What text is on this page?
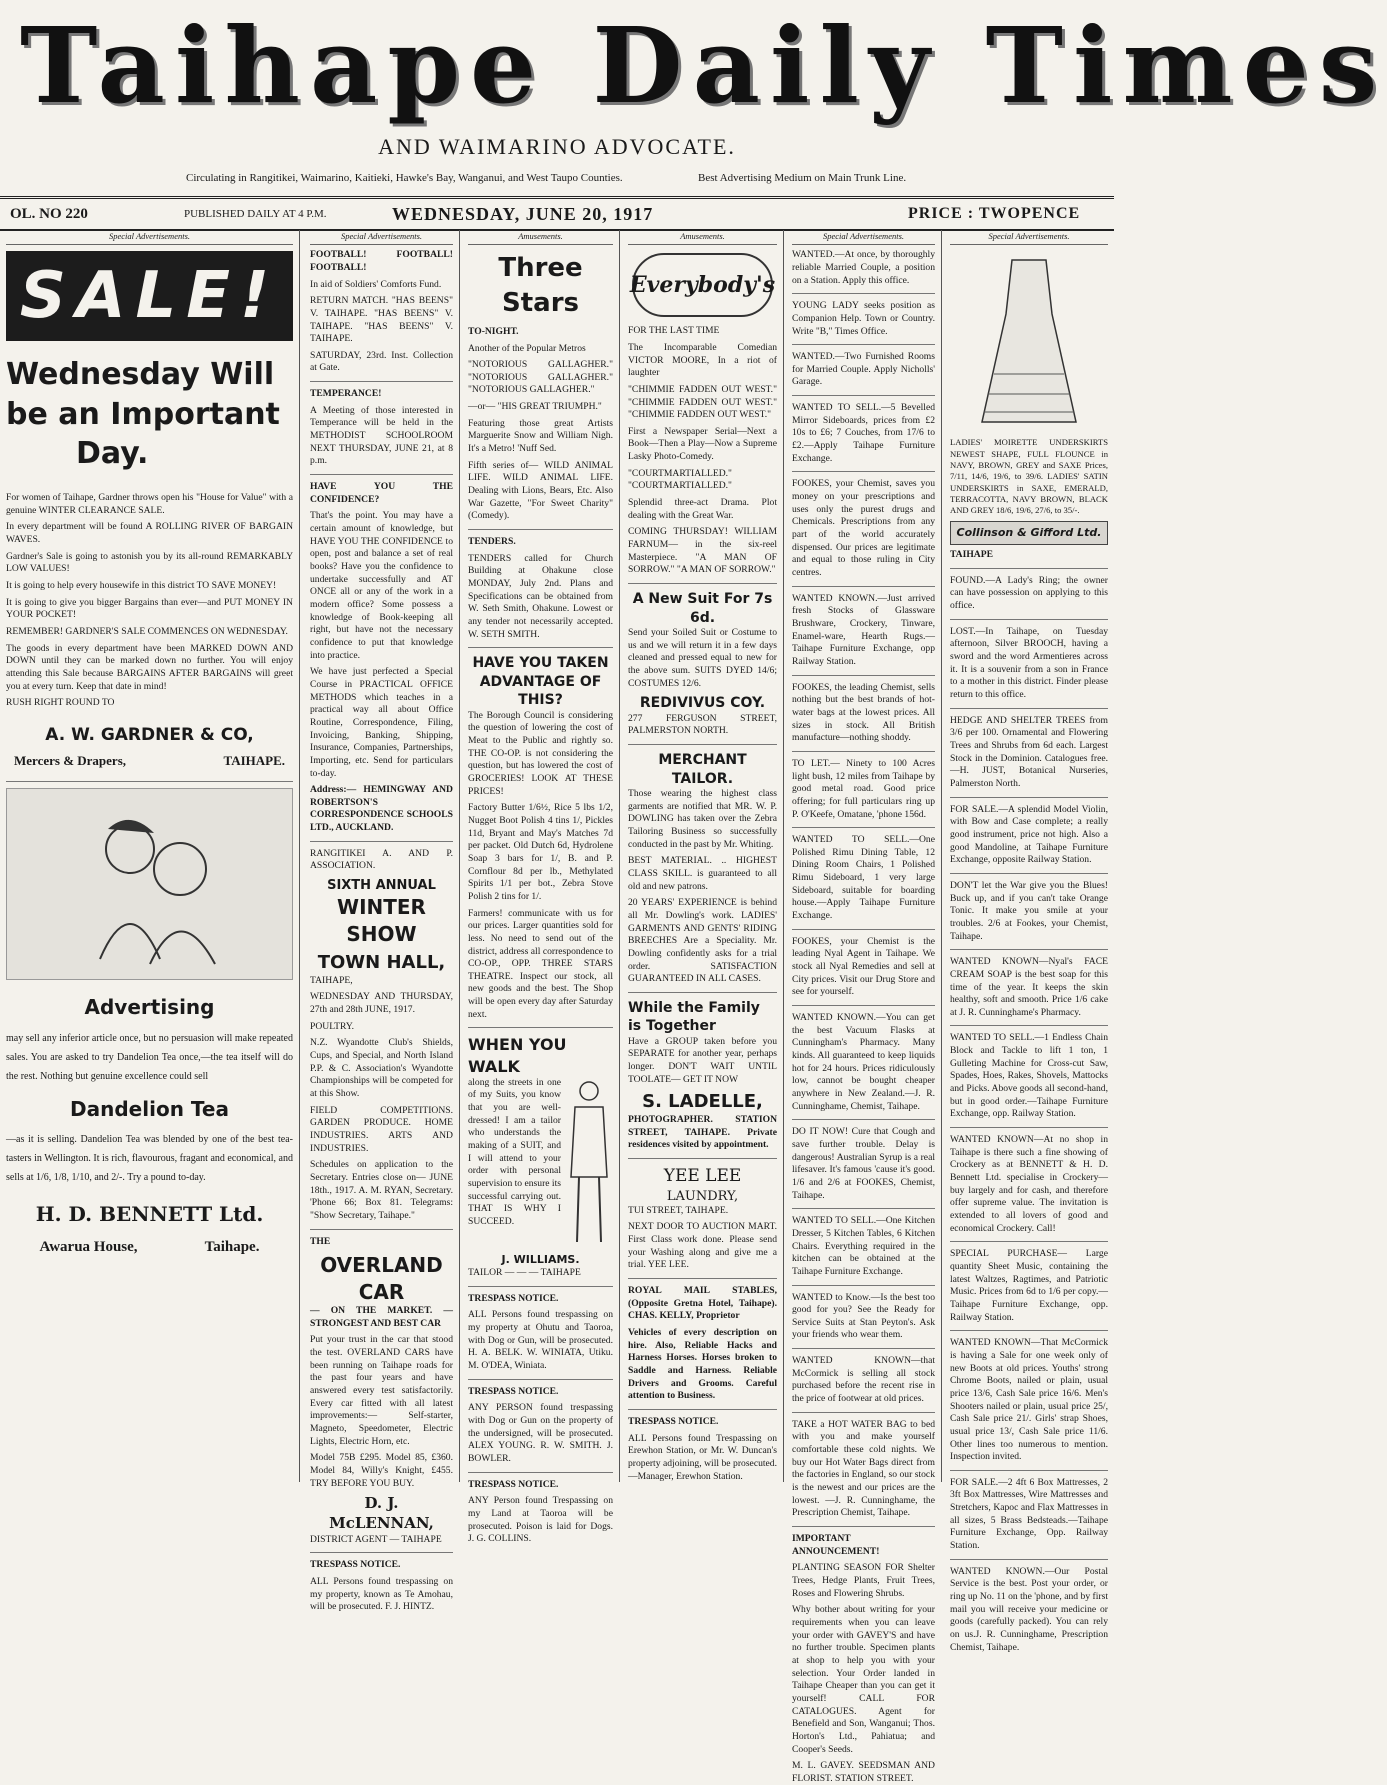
Taihape Daily Times
AND WAIMARINO ADVOCATE.
Circulating in Rangitikei, Waimarino, Kaitieki, Hawke's Bay, Wanganui, and West Taupo Counties.	Best Advertising Medium on Main Trunk Line.
OL. NO 220	PUBLISHED DAILY AT 4 P.M.	WEDNESDAY, JUNE 20, 1917	PRICE : TWOPENCE
Special Advertisements.
SALE!
Wednesday Will
be an Important
Day.

For women of Taihape, Gardner throws open his "House for Value" with a genuine WINTER CLEARANCE SALE.

In every department will be found A ROLLING RIVER OF BARGAIN WAVES.

Gardner's Sale is going to astonish you by its all-round REMARKABLY LOW VALUES!

It is going to help every housewife in this district TO SAVE MONEY!

It is going to give you bigger Bargains than ever—and PUT MONEY IN YOUR POCKET!

REMEMBER! GARDNER'S SALE COMMENCES ON WEDNESDAY.

The goods in every department have been MARKED DOWN AND DOWN until they can be marked down no further. You will enjoy attending this Sale because BARGAINS AFTER BARGAINS will greet you at every turn. Keep that date in mind!

RUSH RIGHT ROUND TO

A. W. GARDNER & CO,
Mercers & Drapers,	TAIHAPE.
Advertising

may sell any inferior article once, but no persuasion will make repeated sales. You are asked to try Dandelion Tea once,—the tea itself will do the rest. Nothing but genuine excellence could sell

Dandelion Tea

—as it is selling. Dandelion Tea was blended by one of the best tea-tasters in Wellington. It is rich, flavourous, fragant and economical, and sells at 1/6, 1/8, 1/10, and 2/-. Try a pound to-day.

H. D. BENNETT Ltd.
Awarua House,	Taihape.
Special Advertisements.

FOOTBALL! FOOTBALL! FOOTBALL!

In aid of Soldiers' Comforts Fund.

RETURN MATCH. "HAS BEENS" V. TAIHAPE. "HAS BEENS" V. TAIHAPE. "HAS BEENS" V. TAIHAPE.

SATURDAY, 23rd. Inst. Collection at Gate.

TEMPERANCE!

A Meeting of those interested in Temperance will be held in the METHODIST SCHOOLROOM NEXT THURSDAY, JUNE 21, at 8 p.m.

HAVE YOU THE CONFIDENCE?

That's the point. You may have a certain amount of knowledge, but HAVE YOU THE CONFIDENCE to open, post and balance a set of real books? Have you the confidence to undertake successfully and AT ONCE all or any of the work in a modern office? Some possess a knowledge of Book-keeping all right, but have not the necessary confidence to put that knowledge into practice.

We have just perfected a Special Course in PRACTICAL OFFICE METHODS which teaches in a practical way all about Office Routine, Correspondence, Filing, Invoicing, Banking, Shipping, Insurance, Companies, Partnerships, Importing, etc. Send for particulars to-day.

Address:— HEMINGWAY AND ROBERTSON'S CORRESPONDENCE SCHOOLS LTD., AUCKLAND.

RANGITIKEI A. AND P. ASSOCIATION.

SIXTH ANNUAL
WINTER SHOW
TOWN HALL,

TAIHAPE,

WEDNESDAY AND THURSDAY, 27th and 28th JUNE, 1917.

POULTRY.

N.Z. Wyandotte Club's Shields, Cups, and Special, and North Island P.P. & C. Association's Wyandotte Championships will be competed for at this Show.

FIELD COMPETITIONS. GARDEN PRODUCE. HOME INDUSTRIES. ARTS AND INDUSTRIES.

Schedules on application to the Secretary. Entries close on— JUNE 18th., 1917. A. M. RYAN, Secretary. 'Phone 66; Box 81. Telegrams: "Show Secretary, Taihape."

THE

OVERLAND CAR

— ON THE MARKET. — STRONGEST AND BEST CAR

Put your trust in the car that stood the test. OVERLAND CARS have been running on Taihape roads for the past four years and have answered every test satisfactorily. Every car fitted with all latest improvements:— Self-starter, Magneto, Speedometer, Electric Lights, Electric Horn, etc.

Model 75B £295. Model 85, £360. Model 84, Willy's Knight, £455. TRY BEFORE YOU BUY.

D. J. McLENNAN,

DISTRICT AGENT — TAIHAPE

TRESPASS NOTICE.

ALL Persons found trespassing on my property, known as Te Amohau, will be prosecuted. F. J. HINTZ.

Amusements.
Three Stars

TO-NIGHT.

Another of the Popular Metros

"NOTORIOUS GALLAGHER." "NOTORIOUS GALLAGHER." "NOTORIOUS GALLAGHER."

—or— "HIS GREAT TRIUMPH."

Featuring those great Artists Marguerite Snow and William Nigh. It's a Metro! 'Nuff Sed.

Fifth series of— WILD ANIMAL LIFE. WILD ANIMAL LIFE. Dealing with Lions, Bears, Etc. Also War Gazette, "For Sweet Charity" (Comedy).

TENDERS.

TENDERS called for Church Building at Ohakune close MONDAY, July 2nd. Plans and Specifications can be obtained from W. Seth Smith, Ohakune. Lowest or any tender not necessarily accepted. W. SETH SMITH.

HAVE YOU TAKEN ADVANTAGE OF THIS?

The Borough Council is considering the question of lowering the cost of Meat to the Public and rightly so. THE CO-OP. is not considering the question, but has lowered the cost of GROCERIES! LOOK AT THESE PRICES!

Factory Butter 1/6½, Rice 5 lbs 1/2, Nugget Boot Polish 4 tins 1/, Pickles 11d, Bryant and May's Matches 7d per packet. Old Dutch 6d, Hydrolene Soap 3 bars for 1/, B. and P. Cornflour 8d per lb., Methylated Spirits 1/1 per bot., Zebra Stove Polish 2 tins for 1/.

Farmers! communicate with us for our prices. Larger quantities sold for less. No need to send out of the district, address all correspondence to CO-OP., OPP. THREE STARS THEATRE. Inspect our stock, all new goods and the best. The Shop will be open every day after Saturday next.

WHEN YOU WALK

along the streets in one of my Suits, you know that you are well-dressed! I am a tailor who understands the making of a SUIT, and I will attend to your order with personal supervision to ensure its successful carrying out. THAT IS WHY I SUCCEED.

J. WILLIAMS.

TAILOR — — — TAIHAPE

TRESPASS NOTICE.

ALL Persons found trespassing on my property at Ohutu and Taoroa, with Dog or Gun, will be prosecuted. H. A. BELK. W. WINIATA, Utiku. M. O'DEA, Winiata.

TRESPASS NOTICE.

ANY PERSON found trespassing with Dog or Gun on the property of the undersigned, will be prosecuted. ALEX YOUNG. R. W. SMITH. J. BOWLER.

TRESPASS NOTICE.

ANY Person found Trespassing on my Land at Taoroa will be prosecuted. Poison is laid for Dogs. J. G. COLLINS.

Amusements.
Everybody's

FOR THE LAST TIME

The Incomparable Comedian VICTOR MOORE, In a riot of laughter

"CHIMMIE FADDEN OUT WEST." "CHIMMIE FADDEN OUT WEST." "CHIMMIE FADDEN OUT WEST."

First a Newspaper Serial—Next a Book—Then a Play—Now a Supreme Lasky Photo-Comedy.

"COURTMARTIALLED." "COURTMARTIALLED."

Splendid three-act Drama. Plot dealing with the Great War.

COMING THURSDAY! WILLIAM FARNUM— in the six-reel Masterpiece. "A MAN OF SORROW." "A MAN OF SORROW."

A New Suit For 7s 6d.

Send your Soiled Suit or Costume to us and we will return it in a few days cleaned and pressed equal to new for the above sum. SUITS DYED 14/6; COSTUMES 12/6.

REDIVIVUS COY.

277 FERGUSON STREET, PALMERSTON NORTH.

MERCHANT TAILOR.

Those wearing the highest class garments are notified that MR. W. P. DOWLING has taken over the Zebra Tailoring Business so successfully conducted in the past by Mr. Whiting.

BEST MATERIAL. .. HIGHEST CLASS SKILL. is guaranteed to all old and new patrons.

20 YEARS' EXPERIENCE is behind all Mr. Dowling's work. LADIES' GARMENTS AND GENTS' RIDING BREECHES Are a Speciality. Mr. Dowling confidently asks for a trial order. SATISFACTION GUARANTEED IN ALL CASES.

While the Family is Together

Have a GROUP taken before you SEPARATE for another year, perhaps longer. DON'T WAIT UNTIL TOOLATE— GET IT NOW

S. LADELLE,

PHOTOGRAPHER. STATION STREET, TAIHAPE. Private residences visited by appointment.

YEE LEE
LAUNDRY,

TUI STREET, TAIHAPE.

NEXT DOOR TO AUCTION MART. First Class work done. Please send your Washing along and give me a trial. YEE LEE.

ROYAL MAIL STABLES, (Opposite Gretna Hotel, Taihape). CHAS. KELLY, Proprietor

Vehicles of every description on hire. Also, Reliable Hacks and Harness Horses. Horses broken to Saddle and Harness. Reliable Drivers and Grooms. Careful attention to Business.

TRESPASS NOTICE.

ALL Persons found Trespassing on Erewhon Station, or Mr. W. Duncan's property adjoining, will be prosecuted.—Manager, Erewhon Station.

Special Advertisements.

WANTED.—At once, by thoroughly reliable Married Couple, a position on a Station. Apply this office.

YOUNG LADY seeks position as Companion Help. Town or Country. Write "B," Times Office.

WANTED.—Two Furnished Rooms for Married Couple. Apply Nicholls' Garage.

WANTED TO SELL.—5 Bevelled Mirror Sideboards, prices from £2 10s to £6; 7 Couches, from 17/6 to £2.—Apply Taihape Furniture Exchange.

FOOKES, your Chemist, saves you money on your prescriptions and uses only the purest drugs and Chemicals. Prescriptions from any part of the world accurately dispensed. Our prices are legitimate and equal to those ruling in City centres.

WANTED KNOWN.—Just arrived fresh Stocks of Glassware Brushware, Crockery, Tinware, Enamel-ware, Hearth Rugs.—Taihape Furniture Exchange, opp Railway Station.

FOOKES, the leading Chemist, sells nothing but the best brands of hot-water bags at the lowest prices. All sizes in stock. All British manufacture—nothing shoddy.

TO LET.— Ninety to 100 Acres light bush, 12 miles from Taihape by good metal road. Good price offering; for full particulars ring up P. O'Keefe, Omatane, 'phone 156d.

WANTED TO SELL.—One Polished Rimu Dining Table, 12 Dining Room Chairs, 1 Polished Rimu Sideboard, 1 very large Sideboard, suitable for boarding house.—Apply Taihape Furniture Exchange.

FOOKES, your Chemist is the leading Nyal Agent in Taihape. We stock all Nyal Remedies and sell at City prices. Visit our Drug Store and see for yourself.

WANTED KNOWN.—You can get the best Vacuum Flasks at Cunningham's Pharmacy. Many kinds. All guaranteed to keep liquids hot for 24 hours. Prices ridiculously low, cannot be bought cheaper anywhere in New Zealand.—J. R. Cunninghame, Chemist, Taihape.

DO IT NOW! Cure that Cough and save further trouble. Delay is dangerous! Australian Syrup is a real lifesaver. It's famous 'cause it's good. 1/6 and 2/6 at FOOKES, Chemist, Taihape.

WANTED TO SELL.—One Kitchen Dresser, 5 Kitchen Tables, 6 Kitchen Chairs. Everything required in the kitchen can be obtained at the Taihape Furniture Exchange.

WANTED to Know.—Is the best too good for you? See the Ready for Service Suits at Stan Peyton's. Ask your friends who wear them.

WANTED KNOWN—that McCormick is selling all stock purchased before the recent rise in the price of footwear at old prices.

TAKE a HOT WATER BAG to bed with you and make yourself comfortable these cold nights. We buy our Hot Water Bags direct from the factories in England, so our stock is the newest and our prices are the lowest. —J. R. Cunninghame, the Prescription Chemist, Taihape.

IMPORTANT ANNOUNCEMENT!

PLANTING SEASON FOR Shelter Trees, Hedge Plants, Fruit Trees, Roses and Flowering Shrubs.

Why bother about writing for your requirements when you can leave your order with GAVEY'S and have no further trouble. Specimen plants at shop to help you with your selection. Your Order landed in Taihape Cheaper than you can get it yourself! CALL FOR CATALOGUES. Agent for Benefield and Son, Wanganui; Thos. Horton's Ltd., Pahiatua; and Cooper's Seeds.

M. L. GAVEY. SEEDSMAN AND FLORIST. STATION STREET.

Special Advertisements.

LADIES' MOIRETTE UNDERSKIRTS NEWEST SHAPE, FULL FLOUNCE in NAVY, BROWN, GREY and SAXE Prices, 7/11, 14/6, 19/6, to 39/6. LADIES' SATIN UNDERSKIRTS in SAXE, EMERALD, TERRACOTTA, NAVY BROWN, BLACK AND GREY 18/6, 19/6, 27/6, to 35/-.

Collinson & Gifford Ltd.

TAIHAPE

FOUND.—A Lady's Ring; the owner can have possession on applying to this office.

LOST.—In Taihape, on Tuesday afternoon, Silver BROOCH, having a sword and the word Armentieres across it. It is a souvenir from a son in France to a mother in this district. Finder please return to this office.

HEDGE AND SHELTER TREES from 3/6 per 100. Ornamental and Flowering Trees and Shrubs from 6d each. Largest Stock in the Dominion. Catalogues free.—H. JUST, Botanical Nurseries, Palmerston North.

FOR SALE.—A splendid Model Violin, with Bow and Case complete; a really good instrument, price not high. Also a good Mandoline, at Taihape Furniture Exchange, opposite Railway Station.

DON'T let the War give you the Blues! Buck up, and if you can't take Orange Tonic. It make you smile at your troubles. 2/6 at Fookes, your Chemist, Taihape.

WANTED KNOWN—Nyal's FACE CREAM SOAP is the best soap for this time of the year. It keeps the skin healthy, soft and smooth. Price 1/6 cake at J. R. Cunninghame's Pharmacy.

WANTED TO SELL.—1 Endless Chain Block and Tackle to lift 1 ton, 1 Gulleting Machine for Cross-cut Saw, Spades, Hoes, Rakes, Shovels, Mattocks and Picks. Above goods all second-hand, but in good order.—Taihape Furniture Exchange, opp. Railway Station.

WANTED KNOWN—At no shop in Taihape is there such a fine showing of Crockery as at BENNETT & H. D. Bennett Ltd. specialise in Crockery—buy largely and for cash, and therefore offer supreme value. The invitation is extended to all lovers of good and economical Crockery. Call!

SPECIAL PURCHASE— Large quantity Sheet Music, containing the latest Waltzes, Ragtimes, and Patriotic Music. Prices from 6d to 1/6 per copy.—Taihape Furniture Exchange, opp. Railway Station.

WANTED KNOWN—That McCormick is having a Sale for one week only of new Boots at old prices. Youths' strong Chrome Boots, nailed or plain, usual price 13/6, Cash Sale price 16/6. Men's Shooters nailed or plain, usual price 25/, Cash Sale price 21/. Girls' strap Shoes, usual price 13/, Cash Sale price 11/6. Other lines too numerous to mention. Inspection invited.

FOR SALE.—2 4ft 6 Box Mattresses, 2 3ft Box Mattresses, Wire Mattresses and Stretchers, Kapoc and Flax Mattresses in all sizes, 5 Brass Bedsteads.—Taihape Furniture Exchange, Opp. Railway Station.

WANTED KNOWN.—Our Postal Service is the best. Post your order, or ring up No. 11 on the 'phone, and by first mail you will receive your medicine or goods (carefully packed). You can rely on us.J. R. Cunninghame, Prescription Chemist, Taihape.
